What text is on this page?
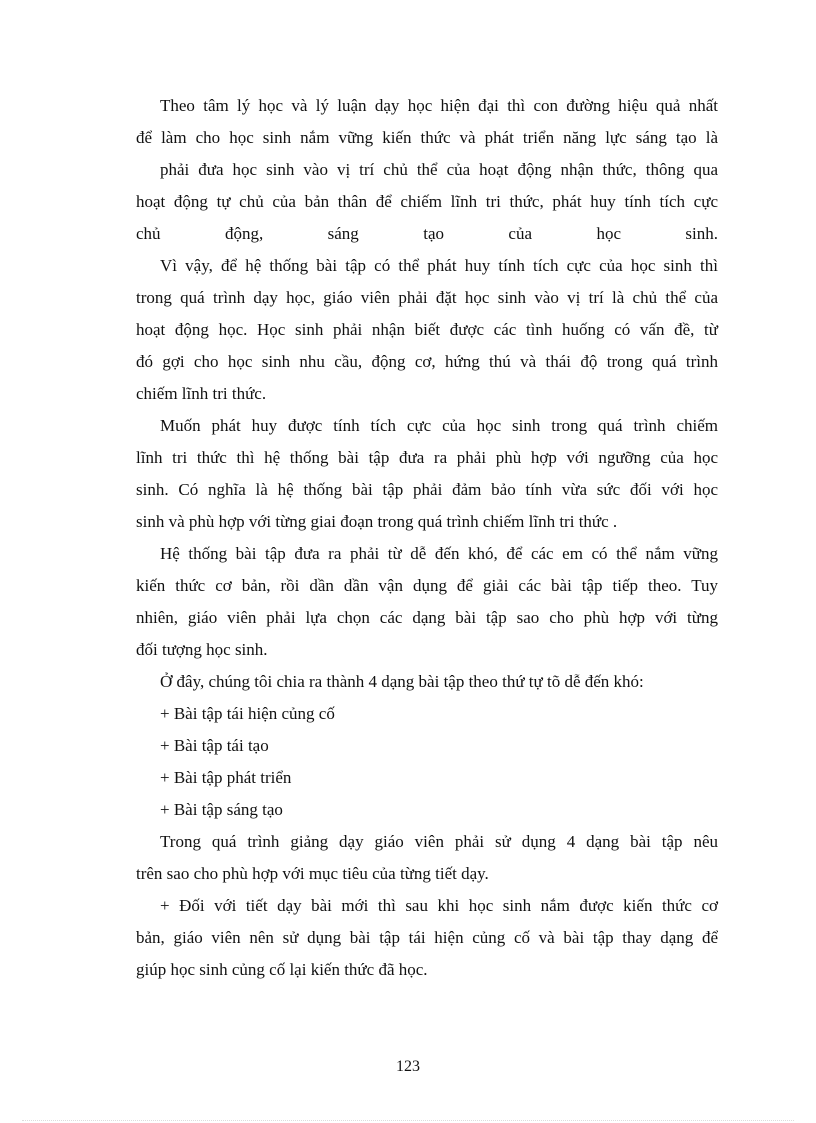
Theo tâm lý học và lý luận dạy học hiện đại thì con đường hiệu quả nhất
để làm cho học sinh nắm vững kiến thức và phát triển năng lực sáng tạo là
phải đưa học sinh vào vị trí chủ thể của hoạt động nhận thức, thông qua
hoạt động tự chủ của bản thân để chiếm lĩnh tri thức, phát huy tính tích cực
chủ động, sáng tạo của học sinh.
Vì vậy, để hệ thống bài tập có thể phát huy tính tích cực của học sinh thì
trong quá trình dạy học, giáo viên phải đặt học sinh vào vị trí là chủ thể của
hoạt động học. Học sinh phải nhận biết được các tình huống có vấn đề, từ
đó gợi cho học sinh nhu cầu, động cơ, hứng thú và thái độ trong quá trình
chiếm lĩnh tri thức.
Muốn phát huy được tính tích cực của học sinh trong quá trình chiếm
lĩnh tri thức thì hệ thống bài tập đưa ra phải phù hợp với ngưỡng của học
sinh. Có nghĩa là hệ thống bài tập phải đảm bảo tính vừa sức đối với học
sinh và phù hợp với từng giai đoạn trong quá trình chiếm lĩnh tri thức .
Hệ thống bài tập đưa ra phải từ dễ đến khó, để các em có thể nắm vững
kiến thức cơ bản, rồi dần dần vận dụng để giải các bài tập tiếp theo. Tuy
nhiên, giáo viên phải lựa chọn các dạng bài tập sao cho phù hợp với từng
đối tượng học sinh.
Ở đây, chúng tôi chia ra thành 4 dạng bài tập theo thứ tự tõ dễ đến khó:
+ Bài tập tái hiện củng cố
+ Bài tập tái tạo
+ Bài tập phát triển
+ Bài tập sáng tạo
Trong quá trình giảng dạy giáo viên phải sử dụng 4 dạng bài tập nêu
trên sao cho phù hợp với mục tiêu của từng tiết dạy.
+ Đối với tiết dạy bài mới thì sau khi học sinh nắm được kiến thức cơ
bản, giáo viên nên sử dụng bài tập tái hiện củng cố và bài tập thay dạng để
giúp học sinh củng cố lại kiến thức đã học.
123
